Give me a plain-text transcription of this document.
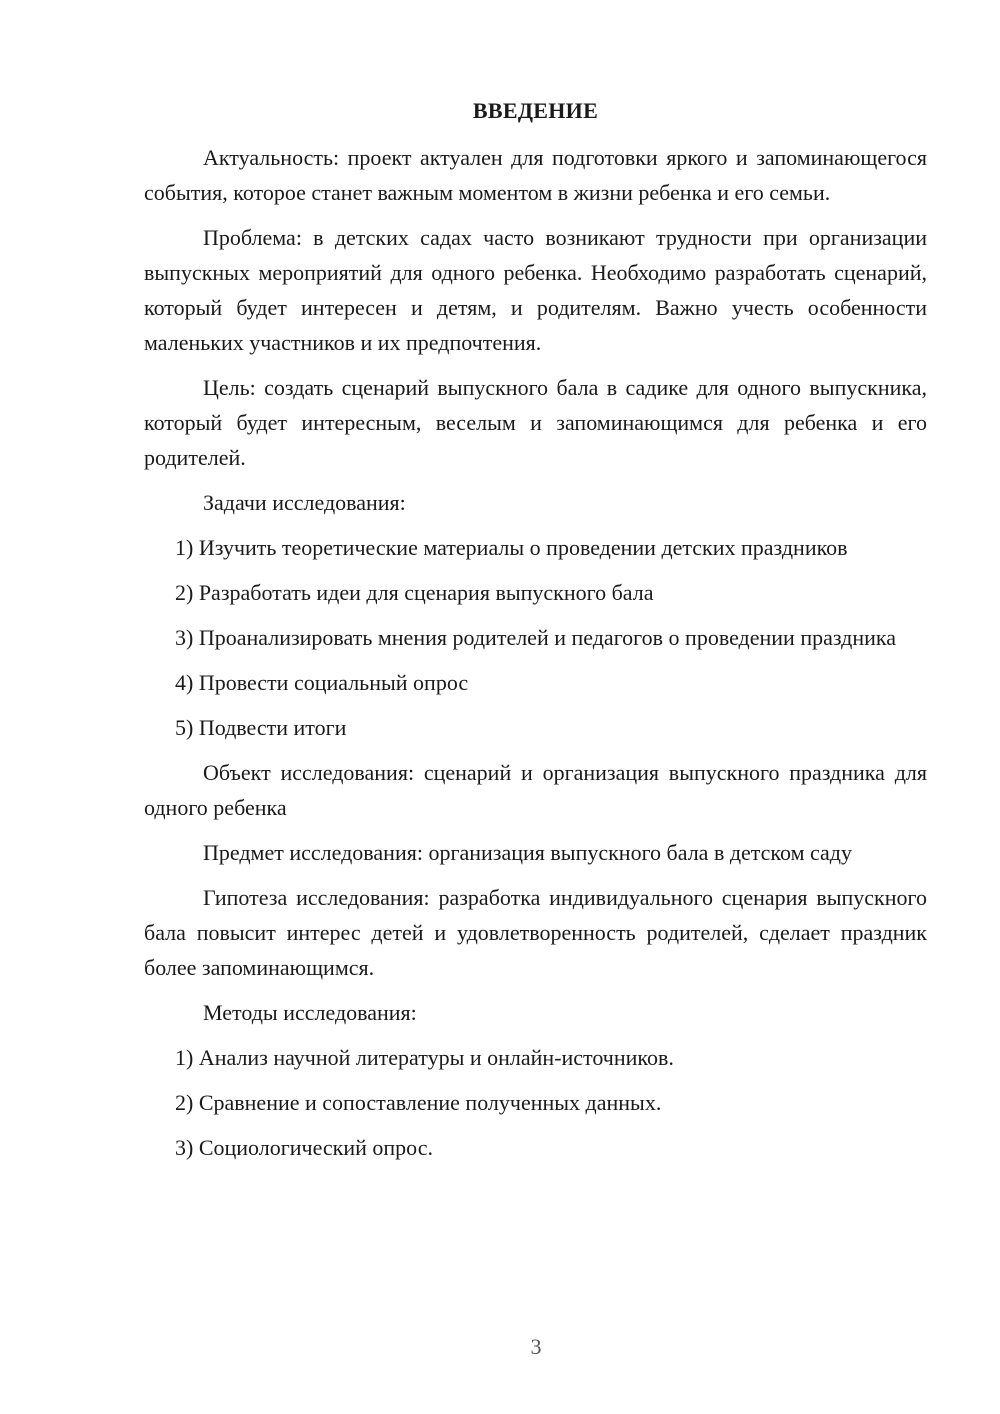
ВВЕДЕНИЕ

Актуальность: проект актуален для подготовки яркого и запоминающегося события, которое станет важным моментом в жизни ребенка и его семьи.

Проблема: в детских садах часто возникают трудности при организации выпускных мероприятий для одного ребенка. Необходимо разработать сценарий, который будет интересен и детям, и родителям. Важно учесть особенности маленьких участников и их предпочтения.

Цель: создать сценарий выпускного бала в садике для одного выпускника, который будет интересным, веселым и запоминающимся для ребенка и его родителей.

Задачи исследования:

1) Изучить теоретические материалы о проведении детских праздников

2) Разработать идеи для сценария выпускного бала

3) Проанализировать мнения родителей и педагогов о проведении праздника

4) Провести социальный опрос

5) Подвести итоги

Объект исследования: сценарий и организация выпускного праздника для одного ребенка

Предмет исследования: организация выпускного бала в детском саду

Гипотеза исследования: разработка индивидуального сценария выпускного бала повысит интерес детей и удовлетворенность родителей, сделает праздник более запоминающимся.

Методы исследования:

1) Анализ научной литературы и онлайн-источников.

2) Сравнение и сопоставление полученных данных.

3) Социологический опрос.

3
